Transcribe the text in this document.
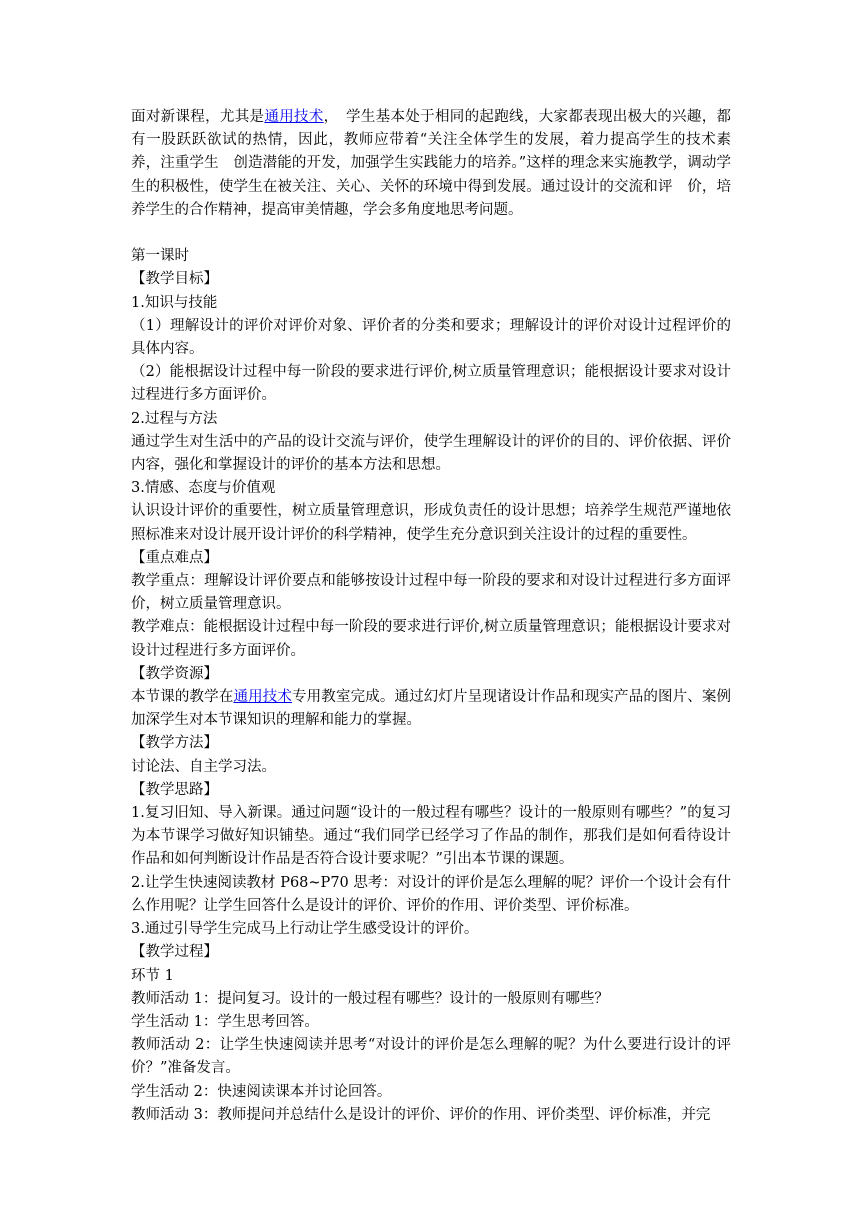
面对新课程，尤其是通用技术，　学生基本处于相同的起跑线，大家都表现出极大的兴趣，都有一股跃跃欲试的热情，因此，教师应带着“关注全体学生的发展，着力提高学生的技术素养，注重学生　创造潜能的开发，加强学生实践能力的培养。”这样的理念来实施教学，调动学生的积极性，使学生在被关注、关心、关怀的环境中得到发展。通过设计的交流和评　价，培养学生的合作精神，提高审美情趣，学会多角度地思考问题。

第一课时

【教学目标】

1.知识与技能

（1）理解设计的评价对评价对象、评价者的分类和要求；理解设计的评价对设计过程评价的具体内容。

（2）能根据设计过程中每一阶段的要求进行评价,树立质量管理意识；能根据设计要求对设计过程进行多方面评价。

2.过程与方法

通过学生对生活中的产品的设计交流与评价，使学生理解设计的评价的目的、评价依据、评价内容，强化和掌握设计的评价的基本方法和思想。

3.情感、态度与价值观

认识设计评价的重要性，树立质量管理意识，形成负责任的设计思想；培养学生规范严谨地依照标准来对设计展开设计评价的科学精神，使学生充分意识到关注设计的过程的重要性。

【重点难点】

教学重点：理解设计评价要点和能够按设计过程中每一阶段的要求和对设计过程进行多方面评价，树立质量管理意识。

教学难点：能根据设计过程中每一阶段的要求进行评价,树立质量管理意识；能根据设计要求对设计过程进行多方面评价。

【教学资源】

本节课的教学在通用技术专用教室完成。通过幻灯片呈现诸设计作品和现实产品的图片、案例加深学生对本节课知识的理解和能力的掌握。

【教学方法】

讨论法、自主学习法。

【教学思路】

1.复习旧知、导入新课。通过问题“设计的一般过程有哪些？设计的一般原则有哪些？”的复习为本节课学习做好知识铺垫。通过“我们同学已经学习了作品的制作，那我们是如何看待设计作品和如何判断设计作品是否符合设计要求呢？”引出本节课的课题。

2.让学生快速阅读教材 P68~P70 思考：对设计的评价是怎么理解的呢？评价一个设计会有什么作用呢？让学生回答什么是设计的评价、评价的作用、评价类型、评价标准。

3.通过引导学生完成马上行动让学生感受设计的评价。

【教学过程】

环节 1

教师活动 1：提问复习。设计的一般过程有哪些？设计的一般原则有哪些？

学生活动 1：学生思考回答。

教师活动 2：让学生快速阅读并思考“对设计的评价是怎么理解的呢？为什么要进行设计的评价？”准备发言。

学生活动 2：快速阅读课本并讨论回答。

教师活动 3：教师提问并总结什么是设计的评价、评价的作用、评价类型、评价标准，并完
